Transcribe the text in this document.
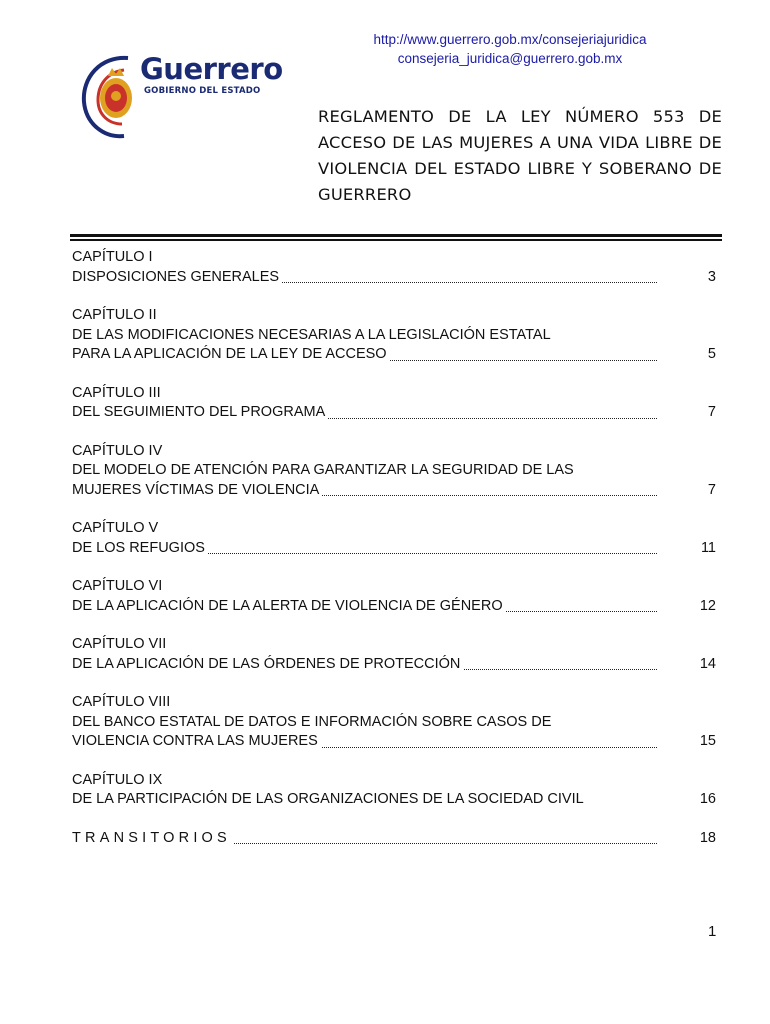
http://www.guerrero.gob.mx/consejeriajuridica
consejeria_juridica@guerrero.gob.mx
Guerrero
GOBIERNO DEL ESTADO
REGLAMENTO DE LA LEY NÚMERO 553 DE ACCESO DE LAS MUJERES A UNA VIDA LIBRE DE VIOLENCIA DEL ESTADO LIBRE Y SOBERANO DE GUERRERO
CAPÍTULO I
DISPOSICIONES GENERALES	3
CAPÍTULO II
DE LAS MODIFICACIONES NECESARIAS A LA LEGISLACIÓN ESTATAL
PARA LA APLICACIÓN DE LA LEY DE ACCESO	5
CAPÍTULO III
DEL SEGUIMIENTO DEL PROGRAMA	7
CAPÍTULO IV
DEL MODELO DE ATENCIÓN PARA GARANTIZAR LA SEGURIDAD DE LAS
MUJERES VÍCTIMAS DE VIOLENCIA	7
CAPÍTULO V
DE LOS REFUGIOS	11
CAPÍTULO VI
DE LA APLICACIÓN DE LA ALERTA DE VIOLENCIA DE GÉNERO	12
CAPÍTULO VII
DE LA APLICACIÓN DE LAS ÓRDENES DE PROTECCIÓN	14
CAPÍTULO VIII
DEL BANCO ESTATAL DE DATOS E INFORMACIÓN SOBRE CASOS DE
VIOLENCIA CONTRA LAS MUJERES	15
CAPÍTULO IX
DE LA PARTICIPACIÓN DE LAS ORGANIZACIONES DE LA SOCIEDAD CIVIL	16
TRANSITORIOS	18
1
